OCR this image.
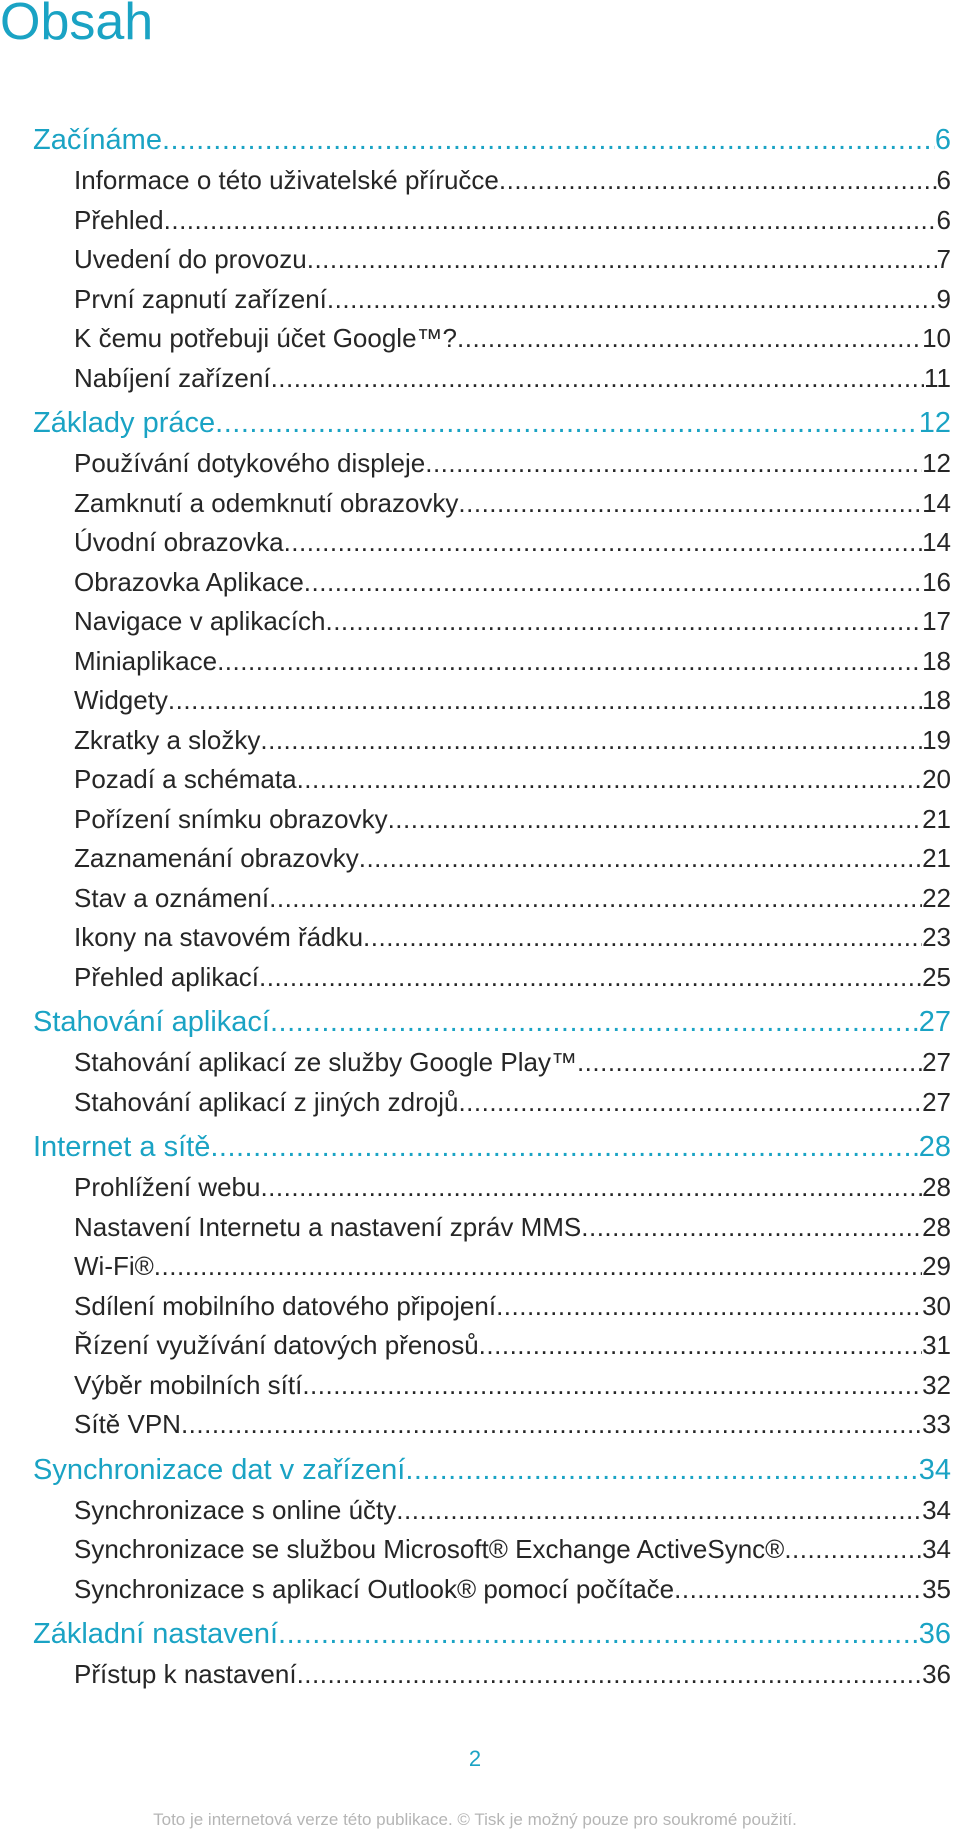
Obsah
Začínáme .....	6
Informace o této uživatelské příručce .....	6
Přehled .....	6
Uvedení do provozu .....	7
První zapnutí zařízení .....	9
K čemu potřebuji účet Google™? .....	10
Nabíjení zařízení .....	11
Základy práce .....	12
Používání dotykového displeje .....	12
Zamknutí a odemknutí obrazovky .....	14
Úvodní obrazovka .....	14
Obrazovka Aplikace .....	16
Navigace v aplikacích .....	17
Miniaplikace .....	18
Widgety .....	18
Zkratky a složky .....	19
Pozadí a schémata .....	20
Pořízení snímku obrazovky .....	21
Zaznamenání obrazovky .....	21
Stav a oznámení .....	22
Ikony na stavovém řádku .....	23
Přehled aplikací .....	25
Stahování aplikací .....	27
Stahování aplikací ze služby Google Play™ .....	27
Stahování aplikací z jiných zdrojů .....	27
Internet a sítě .....	28
Prohlížení webu .....	28
Nastavení Internetu a nastavení zpráv MMS .....	28
Wi-Fi® .....	29
Sdílení mobilního datového připojení .....	30
Řízení využívání datových přenosů .....	31
Výběr mobilních sítí .....	32
Sítě VPN .....	33
Synchronizace dat v zařízení .....	34
Synchronizace s online účty .....	34
Synchronizace se službou Microsoft® Exchange ActiveSync® .....	34
Synchronizace s aplikací Outlook® pomocí počítače .....	35
Základní nastavení .....	36
Přístup k nastavení .....	36
2
Toto je internetová verze této publikace. © Tisk je možný pouze pro soukromé použití.
